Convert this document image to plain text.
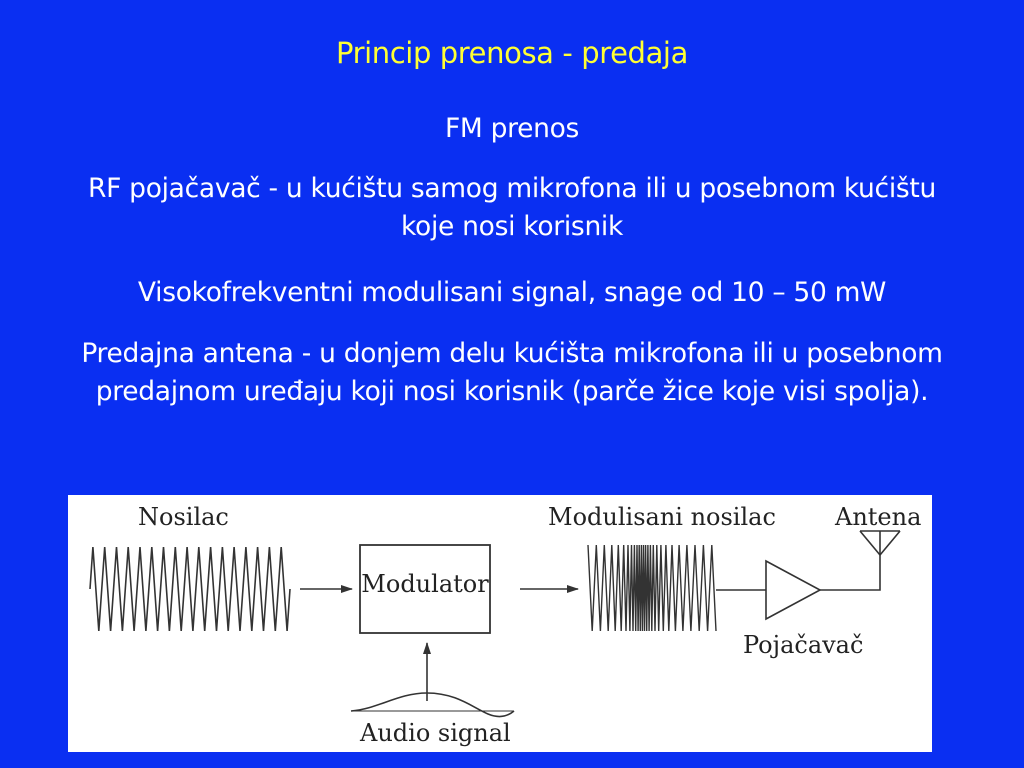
Princip prenosa - predaja
FM prenos
RF pojačavač - u kućištu samog mikrofona ili u posebnom kućištu koje nosi korisnik
Visokofrekventni modulisani signal, snage od 10 – 50 mW
Predajna antena - u donjem delu kućišta mikrofona ili u posebnom predajnom uređaju koji nosi korisnik (parče žice koje visi spolja).
Nosilac	Modulisani nosilac Antena
Pojačavač
Audio signal
Modulator
